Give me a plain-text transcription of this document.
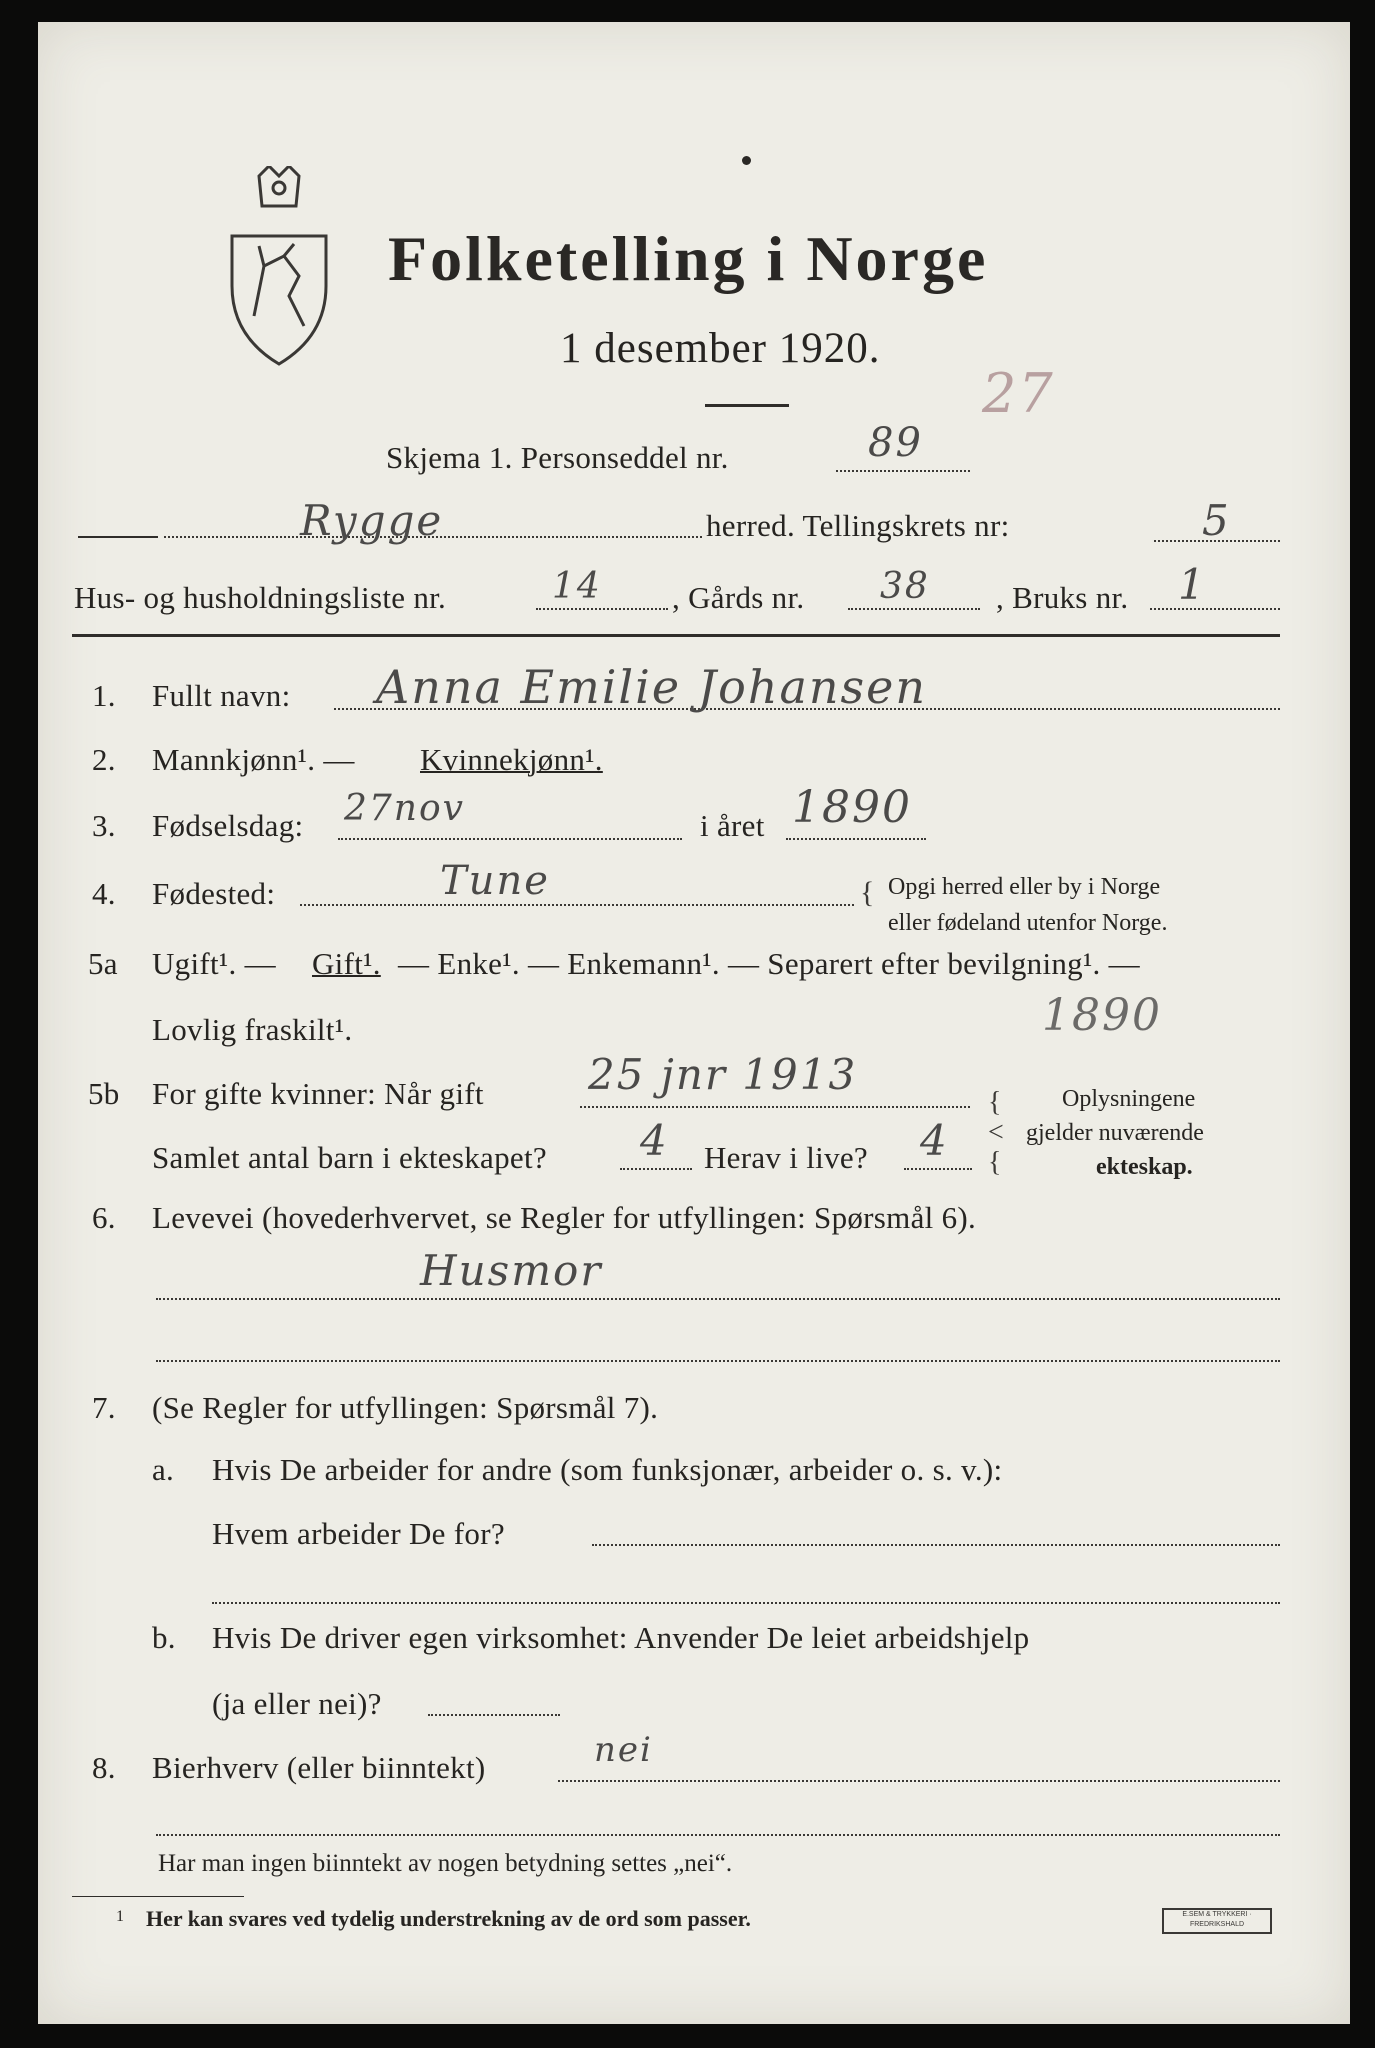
Folketelling i Norge
1 desember 1920.
Skjema 1. Personseddel nr.	89
27
Rygge	herred. Tellingskrets nr:	5
Hus- og husholdningsliste nr.	14 , Gårds nr. 38 , Bruks nr. 1
1. Fullt navn: Anna Emilie Johansen
2. Mannkjønn¹. — Kvinnekjønn¹.
3. Fødselsdag: 27nov	i året 1890
4. Fødested:	Tune	{ Opgi herred eller by i Norge
eller fødeland utenfor Norge.
5a Ugift¹. — Gift¹. — Enke¹. — Enkemann¹. — Separert efter bevilgning¹. —
Lovlig fraskilt¹.	1890
5b For gifte kvinner: Når gift 25 jnr 1913
Samlet antal barn i ekteskapet? 4 Herav i live? 4
{
<
{
Oplysningene
gjelder nuværende
ekteskap.
6. Levevei (hovederhvervet, se Regler for utfyllingen: Spørsmål 6).
Husmor
7. (Se Regler for utfyllingen: Spørsmål 7).
a. Hvis De arbeider for andre (som funksjonær, arbeider o. s. v.):
Hvem arbeider De for?
b. Hvis De driver egen virksomhet: Anvender De leiet arbeidshjelp
(ja eller nei)?
8. Bierhverv (eller biinntekt)	nei
Har man ingen biinntekt av nogen betydning settes „nei“.
1 Her kan svares ved tydelig understrekning av de ord som passer.	E.SEM & TRYKKERI · FREDRIKSHALD
